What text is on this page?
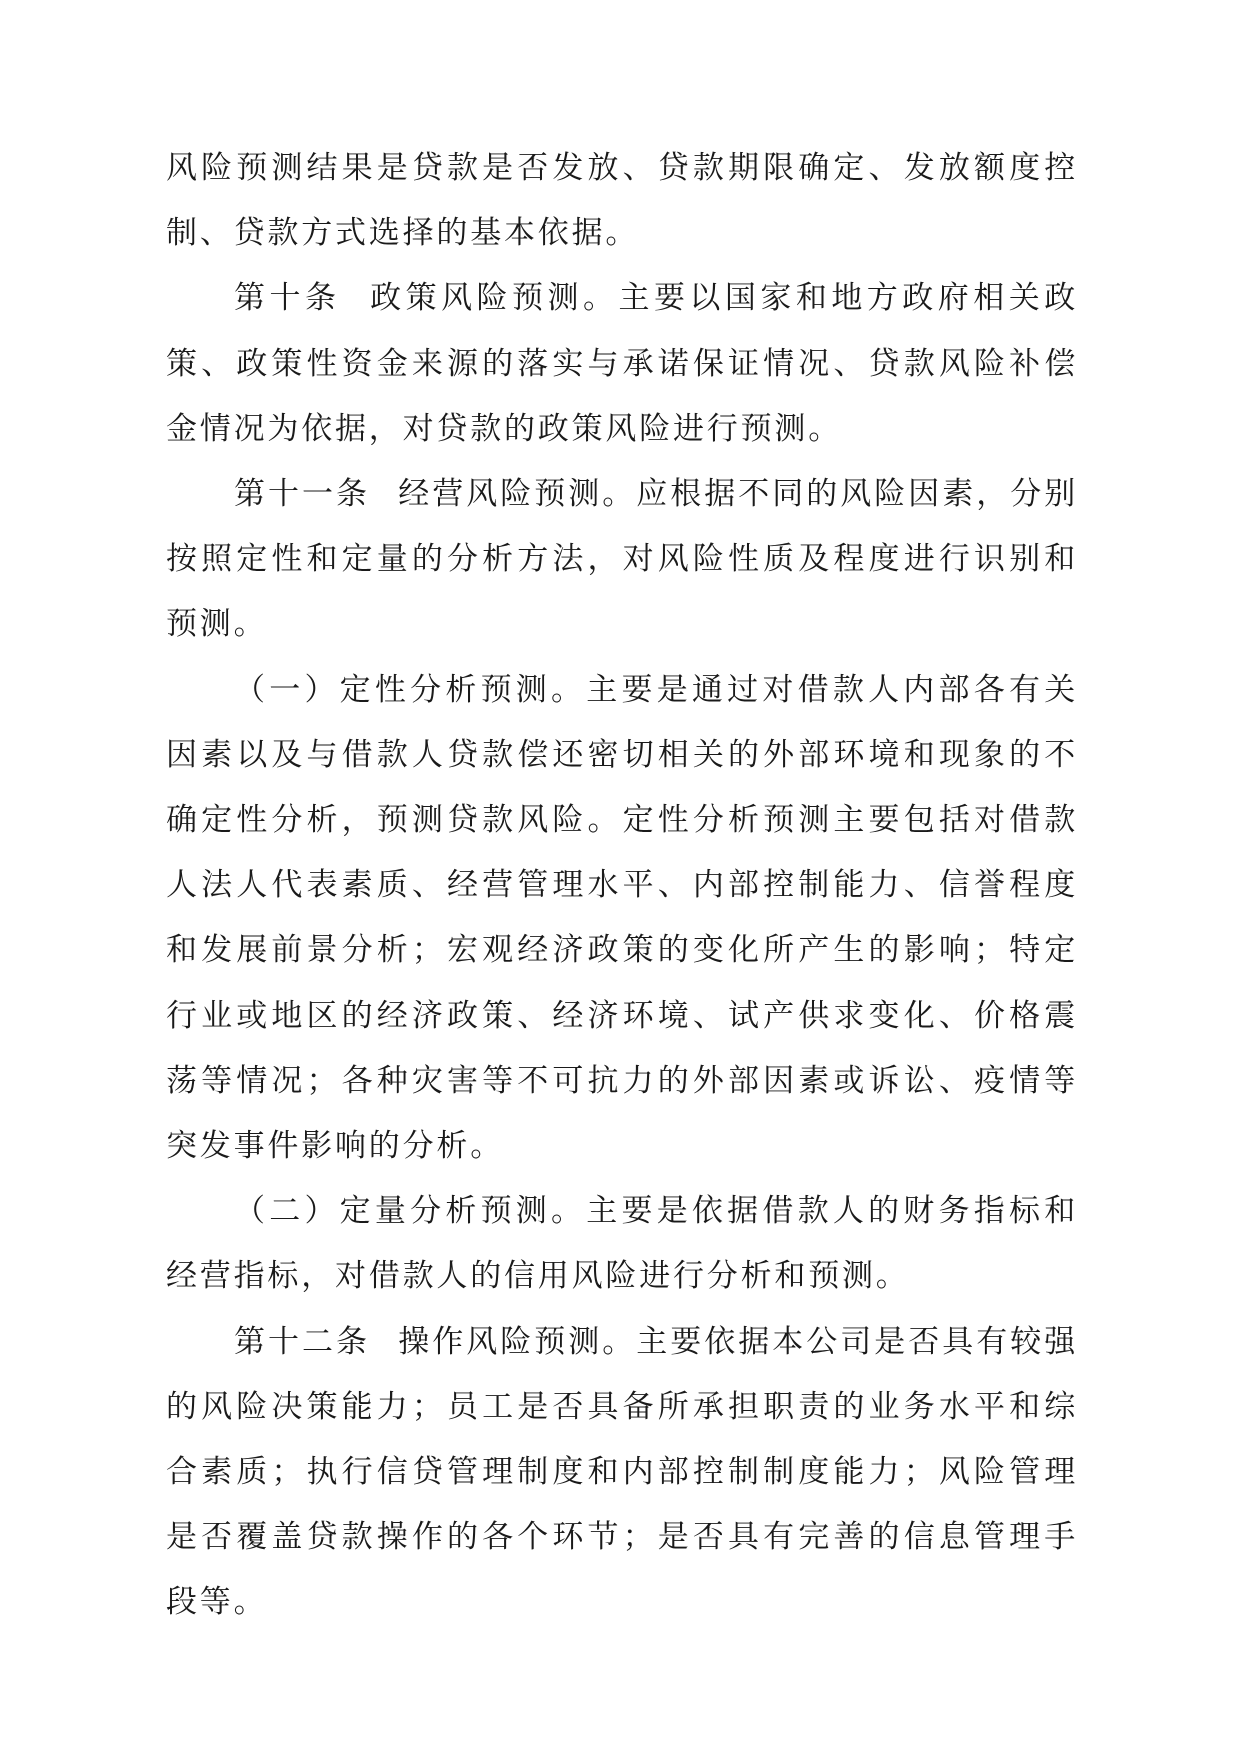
风险预测结果是贷款是否发放、贷款期限确定、发放额度控制、贷款方式选择的基本依据。

第十条 政策风险预测。主要以国家和地方政府相关政策、政策性资金来源的落实与承诺保证情况、贷款风险补偿金情况为依据，对贷款的政策风险进行预测。

第十一条 经营风险预测。应根据不同的风险因素，分别按照定性和定量的分析方法，对风险性质及程度进行识别和预测。

（一）定性分析预测。主要是通过对借款人内部各有关因素以及与借款人贷款偿还密切相关的外部环境和现象的不确定性分析，预测贷款风险。定性分析预测主要包括对借款人法人代表素质、经营管理水平、内部控制能力、信誉程度和发展前景分析；宏观经济政策的变化所产生的影响；特定行业或地区的经济政策、经济环境、试产供求变化、价格震荡等情况；各种灾害等不可抗力的外部因素或诉讼、疫情等突发事件影响的分析。

（二）定量分析预测。主要是依据借款人的财务指标和经营指标，对借款人的信用风险进行分析和预测。

第十二条 操作风险预测。主要依据本公司是否具有较强的风险决策能力；员工是否具备所承担职责的业务水平和综合素质；执行信贷管理制度和内部控制制度能力；风险管理是否覆盖贷款操作的各个环节；是否具有完善的信息管理手段等。
